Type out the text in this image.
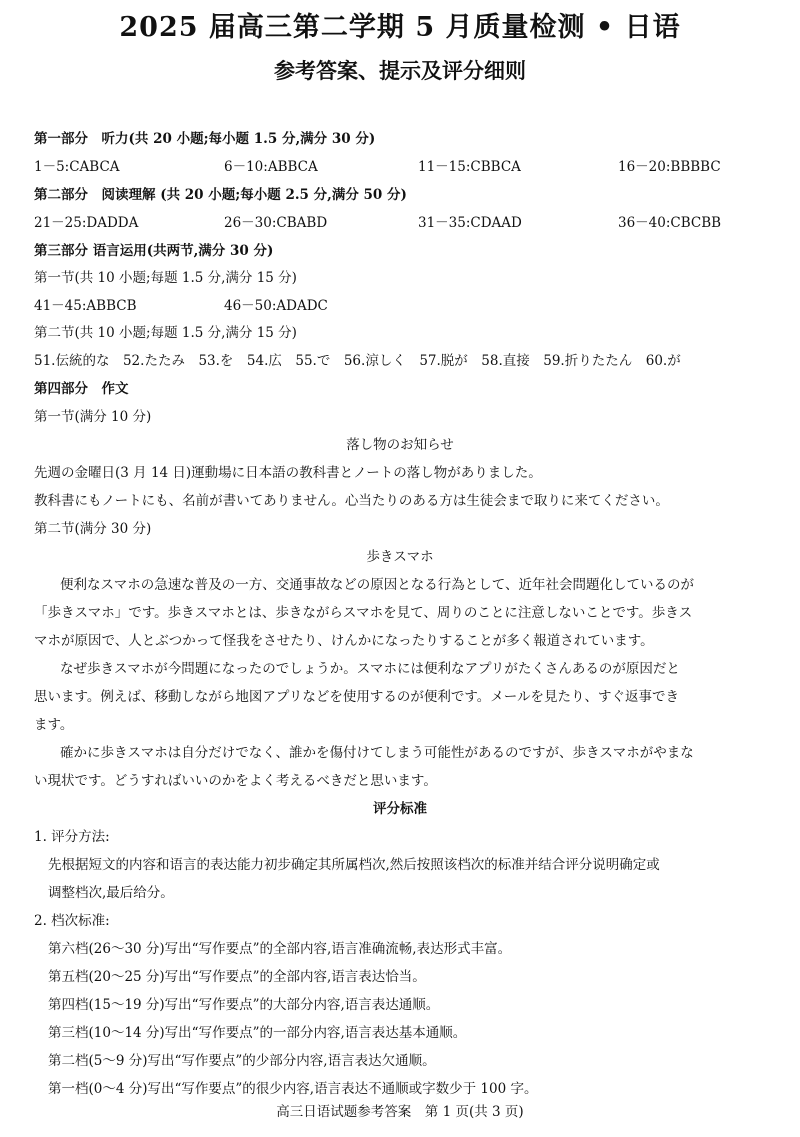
2025 届高三第二学期 5 月质量检测 • 日语
参考答案、提示及评分细则
第一部分　听力(共 20 小题;每小题 1.5 分,满分 30 分)
1－5:CABCA	6－10:ABBCA	11－15:CBBCA	16－20:BBBBC
第二部分　阅读理解 (共 20 小题;每小题 2.5 分,满分 50 分)
21－25:DADDA	26－30:CBABD	31－35:CDAAD	36－40:CBCBB
第三部分 语言运用(共两节,满分 30 分)
第一节(共 10 小题;每题 1.5 分,满分 15 分)
41－45:ABBCB	46－50:ADADC
第二节(共 10 小题;每题 1.5 分,满分 15 分)
51.伝統的な　52.たたみ　53.を　54.広　55.で　56.涼しく　57.脱が　58.直接　59.折りたたん　60.が
第四部分　作文
第一节(满分 10 分)
落し物のお知らせ
先週の金曜日(3 月 14 日)運動場に日本語の教科書とノートの落し物がありました。
教科書にもノートにも、名前が書いてありません。心当たりのある方は生徒会まで取りに来てください。
第二节(满分 30 分)
歩きスマホ
便利なスマホの急速な普及の一方、交通事故などの原因となる行為として、近年社会問題化しているのが
「歩きスマホ」です。歩きスマホとは、歩きながらスマホを見て、周りのことに注意しないことです。歩きス
マホが原因で、人とぶつかって怪我をさせたり、けんかになったりすることが多く報道されています。
なぜ歩きスマホが今問題になったのでしょうか。スマホには便利なアプリがたくさんあるのが原因だと
思います。例えば、移動しながら地図アプリなどを使用するのが便利です。メールを見たり、すぐ返事でき
ます。
確かに歩きスマホは自分だけでなく、誰かを傷付けてしまう可能性があるのですが、歩きスマホがやまな
い現状です。どうすればいいのかをよく考えるべきだと思います。
评分标准
1. 评分方法:
先根据短文的内容和语言的表达能力初步确定其所属档次,然后按照该档次的标准并结合评分说明确定或
调整档次,最后给分。
2. 档次标准:
第六档(26～30 分)写出“写作要点”的全部内容,语言准确流畅,表达形式丰富。
第五档(20～25 分)写出“写作要点”的全部内容,语言表达恰当。
第四档(15～19 分)写出“写作要点”的大部分内容,语言表达通顺。
第三档(10～14 分)写出“写作要点”的一部分内容,语言表达基本通顺。
第二档(5～9 分)写出“写作要点”的少部分内容,语言表达欠通顺。
第一档(0～4 分)写出“写作要点”的很少内容,语言表达不通顺或字数少于 100 字。
高三日语试题参考答案　第 1 页(共 3 页)
